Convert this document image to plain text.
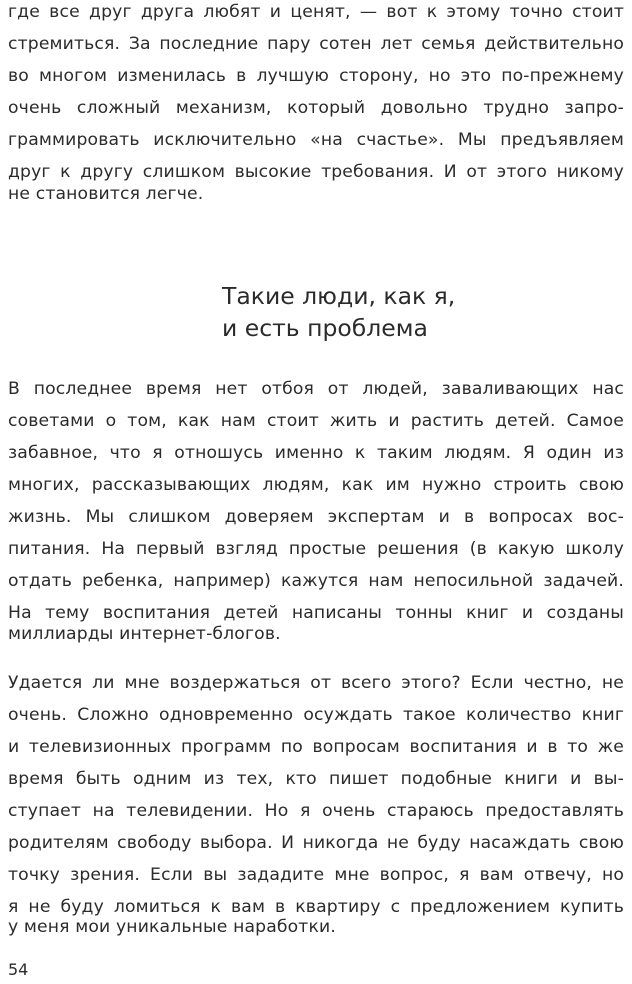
где все друг друга любят и ценят, — вот к этому точно стоит
стремиться. За последние пару сотен лет семья действительно
во многом изменилась в лучшую сторону, но это по-прежнему
очень сложный механизм, который довольно трудно запро-
граммировать исключительно «на счастье». Мы предъявляем
друг к другу слишком высокие требования. И от этого никому
не становится легче.
Такие люди, как я,
и есть проблема
В последнее время нет отбоя от людей, заваливающих нас
советами о том, как нам стоит жить и растить детей. Самое
забавное, что я отношусь именно к таким людям. Я один из
многих, рассказывающих людям, как им нужно строить свою
жизнь. Мы слишком доверяем экспертам и в вопросах вос-
питания. На первый взгляд простые решения (в какую школу
отдать ребенка, например) кажутся нам непосильной задачей.
На тему воспитания детей написаны тонны книг и созданы
миллиарды интернет-блогов.
Удается ли мне воздержаться от всего этого? Если честно, не
очень. Сложно одновременно осуждать такое количество книг
и телевизионных программ по вопросам воспитания и в то же
время быть одним из тех, кто пишет подобные книги и вы-
ступает на телевидении. Но я очень стараюсь предоставлять
родителям свободу выбора. И никогда не буду насаждать свою
точку зрения. Если вы зададите мне вопрос, я вам отвечу, но
я не буду ломиться к вам в квартиру с предложением купить
у меня мои уникальные наработки.
54
